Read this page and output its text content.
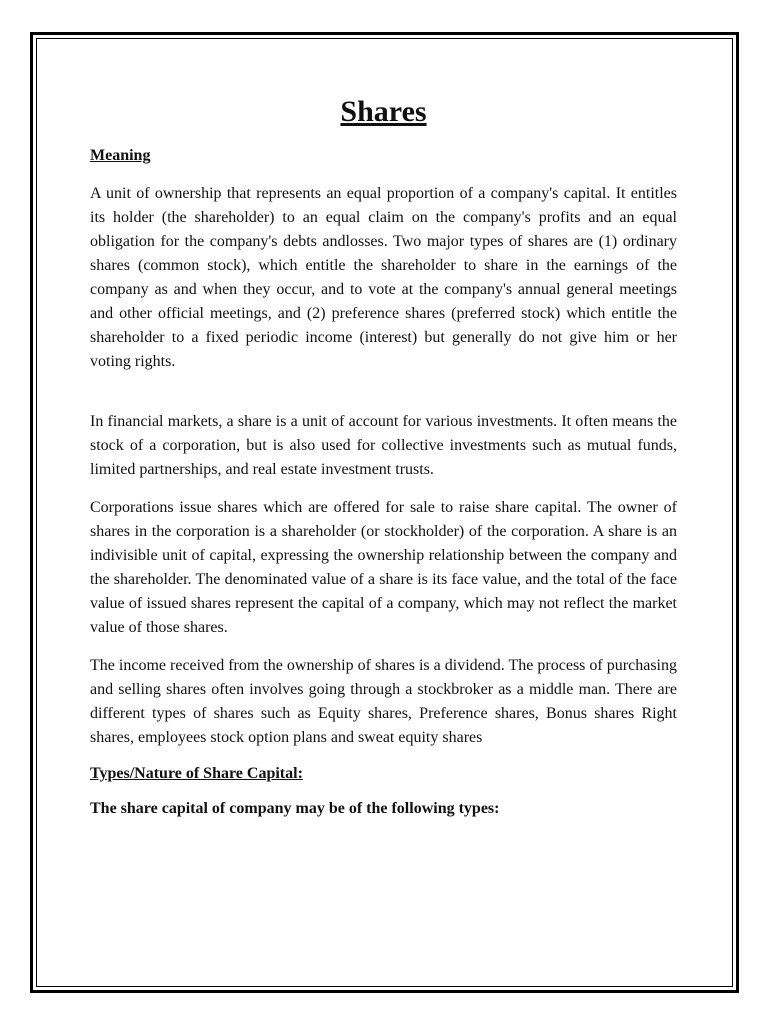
Shares
Meaning

A unit of ownership that represents an equal proportion of a company's capital. It entitles its holder (the shareholder) to an equal claim on the company's profits and an equal obligation for the company's debts andlosses. Two major types of shares are (1) ordinary shares (common stock), which entitle the shareholder to share in the earnings of the company as and when they occur, and to vote at the company's annual general meetings and other official meetings, and (2) preference shares (preferred stock) which entitle the shareholder to a fixed periodic income (interest) but generally do not give him or her voting rights.

In financial markets, a share is a unit of account for various investments. It often means the stock of a corporation, but is also used for collective investments such as mutual funds, limited partnerships, and real estate investment trusts.

Corporations issue shares which are offered for sale to raise share capital. The owner of shares in the corporation is a shareholder (or stockholder) of the corporation. A share is an indivisible unit of capital, expressing the ownership relationship between the company and the shareholder. The denominated value of a share is its face value, and the total of the face value of issued shares represent the capital of a company, which may not reflect the market value of those shares.

The income received from the ownership of shares is a dividend. The process of purchasing and selling shares often involves going through a stockbroker as a middle man. There are different types of shares such as Equity shares, Preference shares, Bonus shares Right shares, employees stock option plans and sweat equity shares

Types/Nature of Share Capital:
The share capital of company may be of the following types:
